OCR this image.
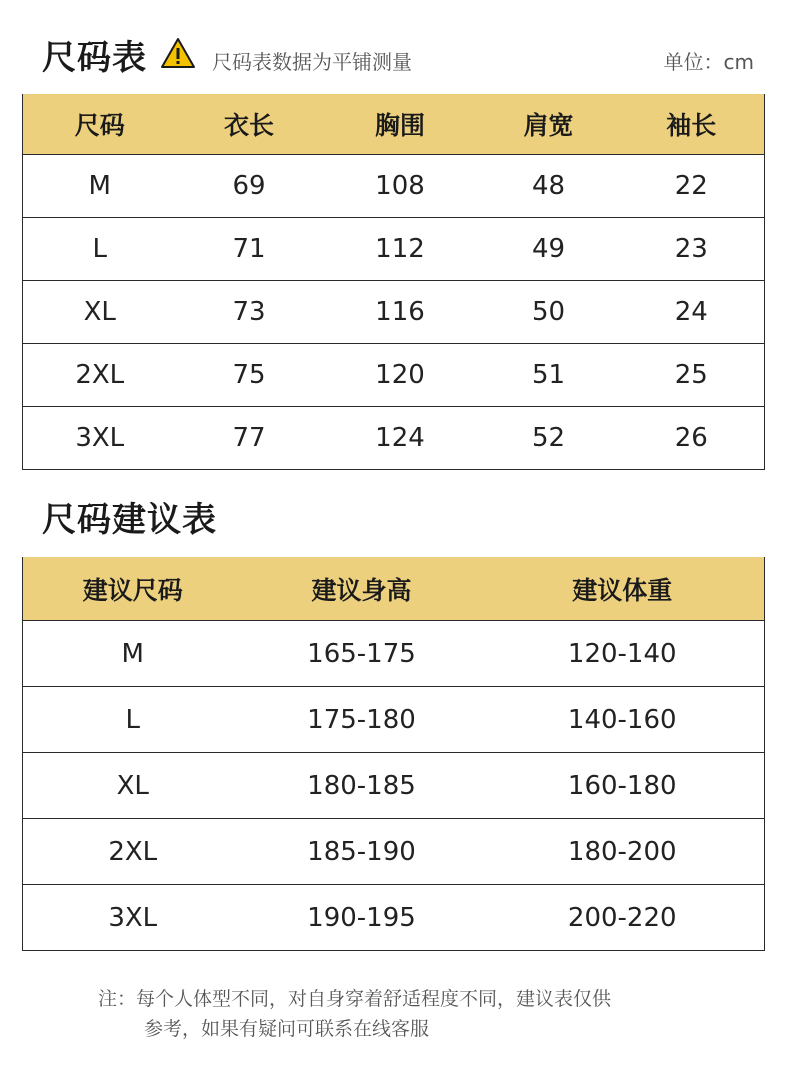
尺码表	尺码表数据为平铺测量	单位：cm
尺码	衣长	胸围	肩宽	袖长
M	69	108	48	22
L	71	112	49	23
XL	73	116	50	24
2XL	75	120	51	25
3XL	77	124	52	26
尺码建议表
建议尺码	建议身高	建议体重
M	165-175	120-140
L	175-180	140-160
XL	180-185	160-180
2XL	185-190	180-200
3XL	190-195	200-220
注：每个人体型不同，对自身穿着舒适程度不同，建议表仅供
参考，如果有疑问可联系在线客服
